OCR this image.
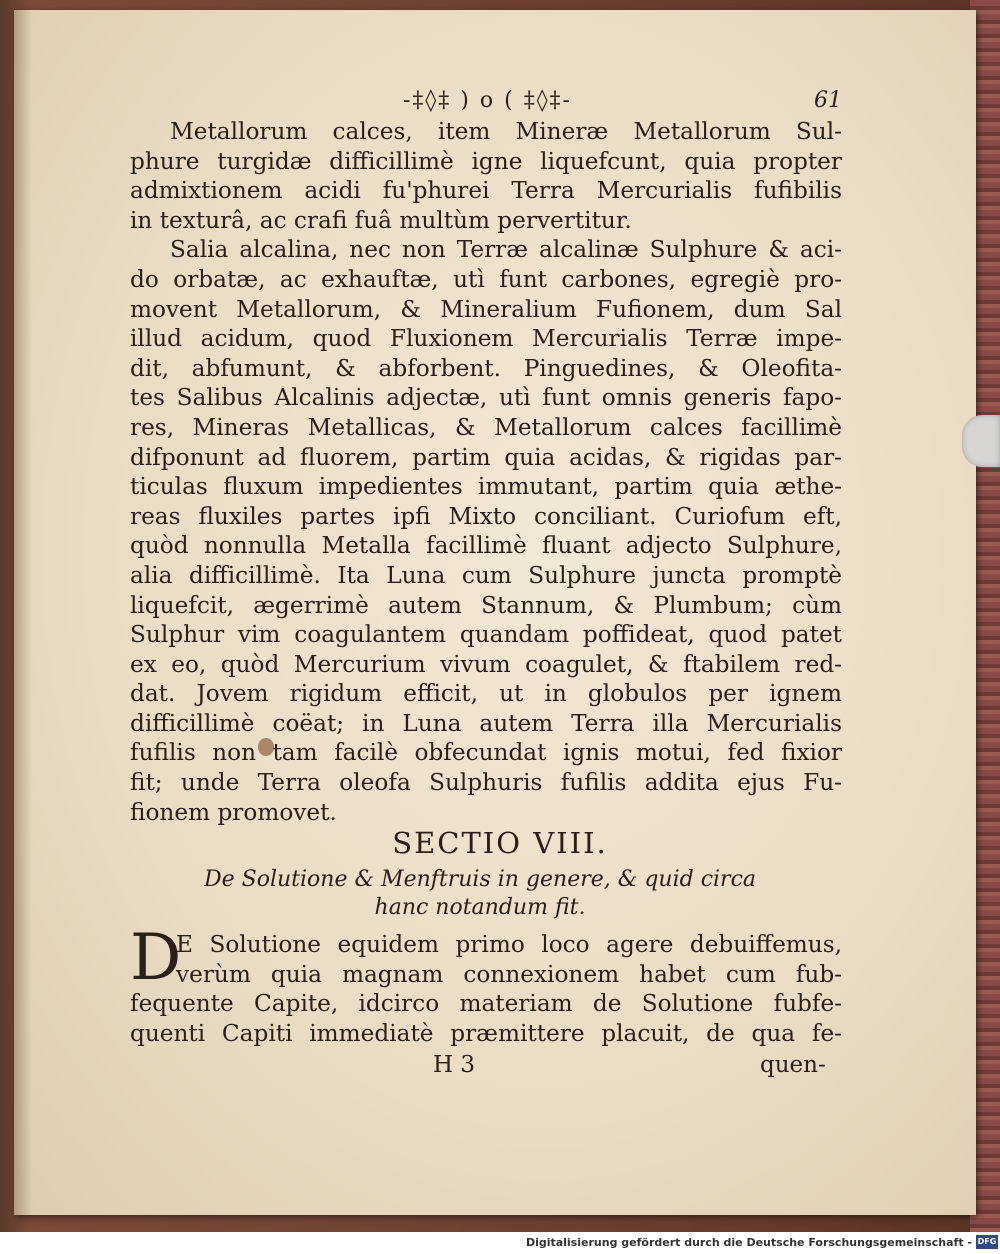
-‡◊‡ ) o ( ‡◊‡-	61
Metallorum calces, item Mineræ Metallorum Sul-
phure turgidæ difficillimè igne liquefcunt, quia propter
admixtionem acidi fu'phurei Terra Mercurialis fufibilis
in texturâ, ac crafi fuâ multùm pervertitur.
Salia alcalina, nec non Terræ alcalinæ Sulphure & aci-
do orbatæ, ac exhauftæ, utì funt carbones, egregiè pro-
movent Metallorum, & Mineralium Fufionem, dum Sal
illud acidum, quod Fluxionem Mercurialis Terræ impe-
dit, abfumunt, & abforbent. Pinguedines, & Oleofita-
tes Salibus Alcalinis adjectæ, utì funt omnis generis fapo-
res, Mineras Metallicas, & Metallorum calces facillimè
difponunt ad fluorem, partim quia acidas, & rigidas par-
ticulas fluxum impedientes immutant, partim quia æthe-
reas fluxiles partes ipfi Mixto conciliant. Curiofum eft,
quòd nonnulla Metalla facillimè fluant adjecto Sulphure,
alia difficillimè. Ita Luna cum Sulphure juncta promptè
liquefcit, ægerrimè autem Stannum, & Plumbum; cùm
Sulphur vim coagulantem quandam poffideat, quod patet
ex eo, quòd Mercurium vivum coagulet, & ftabilem red-
dat. Jovem rigidum efficit, ut in globulos per ignem
difficillimè coëat; in Luna autem Terra illa Mercurialis
fufilis non tam facilè obfecundat ignis motui, fed fixior
fit; unde Terra oleofa Sulphuris fufilis addita ejus Fu-
fionem promovet.
SECTIO VIII.
De Solutione & Menftruis in genere, & quid circa
hanc notandum fit.
D
E Solutione equidem primo loco agere debuiffemus,
verùm quia magnam connexionem habet cum fub-
fequente Capite, idcirco materiam de Solutione fubfe-
quenti Capiti immediatè præmittere placuit, de qua fe-
H 3	quen-
Digitalisierung gefördert durch die Deutsche Forschungsgemeinschaft - DFG
